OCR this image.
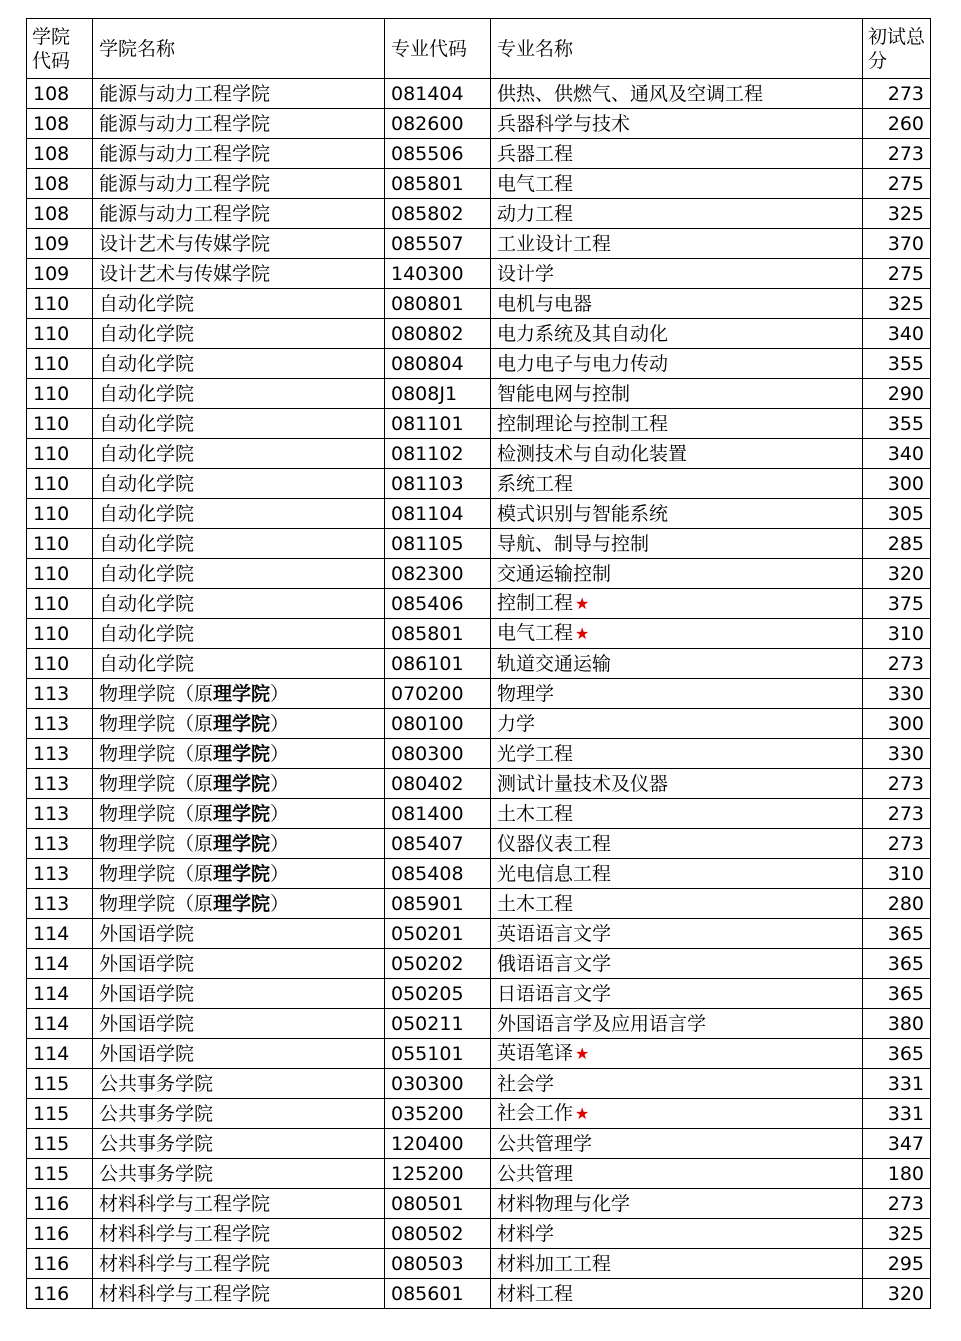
学院代码	学院名称	专业代码	专业名称	初试总分
108	能源与动力工程学院	081404	供热、供燃气、通风及空调工程	273
108	能源与动力工程学院	082600	兵器科学与技术	260
108	能源与动力工程学院	085506	兵器工程	273
108	能源与动力工程学院	085801	电气工程	275
108	能源与动力工程学院	085802	动力工程	325
109	设计艺术与传媒学院	085507	工业设计工程	370
109	设计艺术与传媒学院	140300	设计学	275
110	自动化学院	080801	电机与电器	325
110	自动化学院	080802	电力系统及其自动化	340
110	自动化学院	080804	电力电子与电力传动	355
110	自动化学院	0808J1	智能电网与控制	290
110	自动化学院	081101	控制理论与控制工程	355
110	自动化学院	081102	检测技术与自动化装置	340
110	自动化学院	081103	系统工程	300
110	自动化学院	081104	模式识别与智能系统	305
110	自动化学院	081105	导航、制导与控制	285
110	自动化学院	082300	交通运输控制	320
110	自动化学院	085406	控制工程 ★	375
110	自动化学院	085801	电气工程 ★	310
110	自动化学院	086101	轨道交通运输	273
113	物理学院（原理学院）	070200	物理学	330
113	物理学院（原理学院）	080100	力学	300
113	物理学院（原理学院）	080300	光学工程	330
113	物理学院（原理学院）	080402	测试计量技术及仪器	273
113	物理学院（原理学院）	081400	土木工程	273
113	物理学院（原理学院）	085407	仪器仪表工程	273
113	物理学院（原理学院）	085408	光电信息工程	310
113	物理学院（原理学院）	085901	土木工程	280
114	外国语学院	050201	英语语言文学	365
114	外国语学院	050202	俄语语言文学	365
114	外国语学院	050205	日语语言文学	365
114	外国语学院	050211	外国语言学及应用语言学	380
114	外国语学院	055101	英语笔译 ★	365
115	公共事务学院	030300	社会学	331
115	公共事务学院	035200	社会工作 ★	331
115	公共事务学院	120400	公共管理学	347
115	公共事务学院	125200	公共管理	180
116	材料科学与工程学院	080501	材料物理与化学	273
116	材料科学与工程学院	080502	材料学	325
116	材料科学与工程学院	080503	材料加工工程	295
116	材料科学与工程学院	085601	材料工程	320
